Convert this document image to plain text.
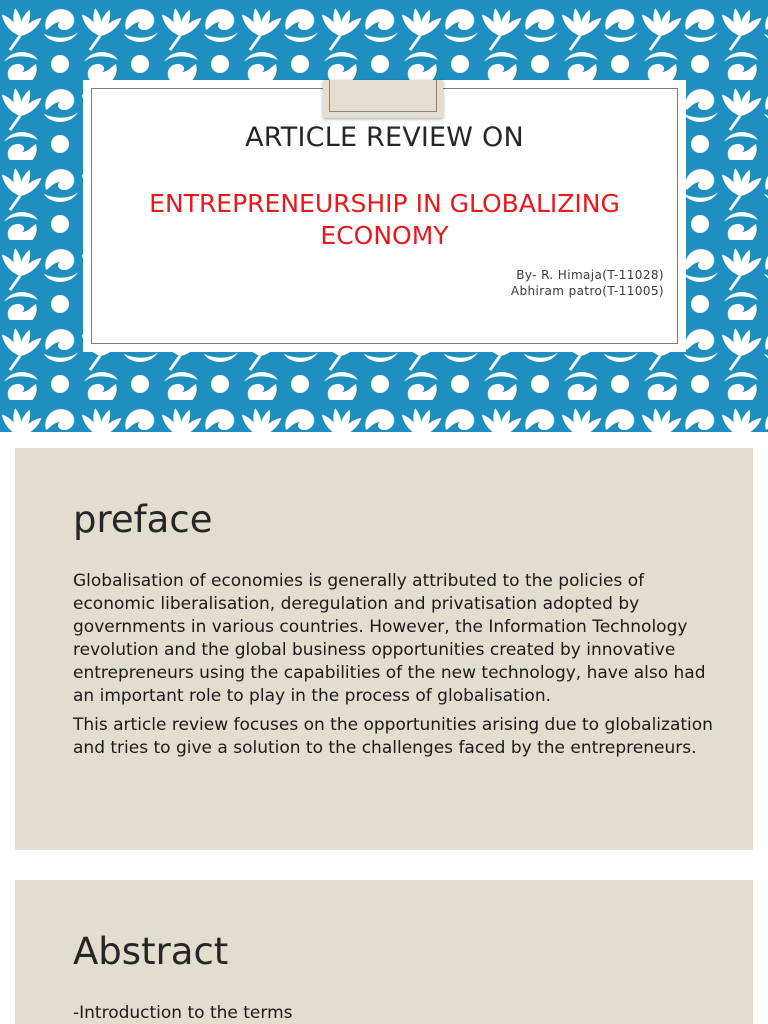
ARTICLE REVIEW ON
ENTREPRENEURSHIP IN GLOBALIZING ECONOMY
By- R. Himaja(T-11028)
Abhiram patro(T-11005)
preface

Globalisation of economies is generally attributed to the policies of economic liberalisation, deregulation and privatisation adopted by governments in various countries. However, the Information Technology revolution and the global business opportunities created by innovative entrepreneurs using the capabilities of the new technology, have also had an important role to play in the process of globalisation.

This article review focuses on the opportunities arising due to globalization and tries to give a solution to the challenges faced by the entrepreneurs.

Abstract

-Introduction to the terms
